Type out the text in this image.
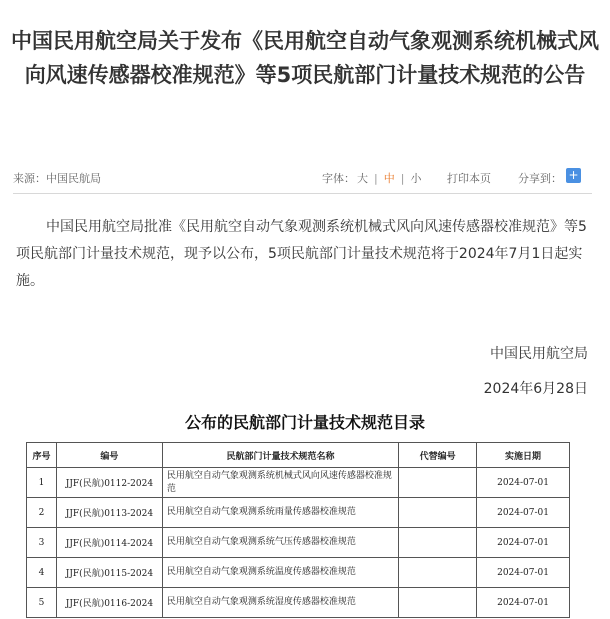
中国民用航空局关于发布《民用航空自动气象观测系统机械式风向风速传感器校准规范》等5项民航部门计量技术规范的公告
来源：中国民航局	字体： 大 | 中 | 小 打印本页 分享到： +
中国民用航空局批准《民用航空自动气象观测系统机械式风向风速传感器校准规范》等5项民航部门计量技术规范，现予以公布，5项民航部门计量技术规范将于2024年7月1日起实施。
中国民用航空局
2024年6月28日
公布的民航部门计量技术规范目录
序号	编号	民航部门计量技术规范名称	代替编号	实施日期
1	JJF(民航)0112-2024	民用航空自动气象观测系统机械式风向风速传感器校准规范		2024-07-01
2	JJF(民航)0113-2024	民用航空自动气象观测系统雨量传感器校准规范		2024-07-01
3	JJF(民航)0114-2024	民用航空自动气象观测系统气压传感器校准规范		2024-07-01
4	JJF(民航)0115-2024	民用航空自动气象观测系统温度传感器校准规范		2024-07-01
5	JJF(民航)0116-2024	民用航空自动气象观测系统湿度传感器校准规范		2024-07-01
